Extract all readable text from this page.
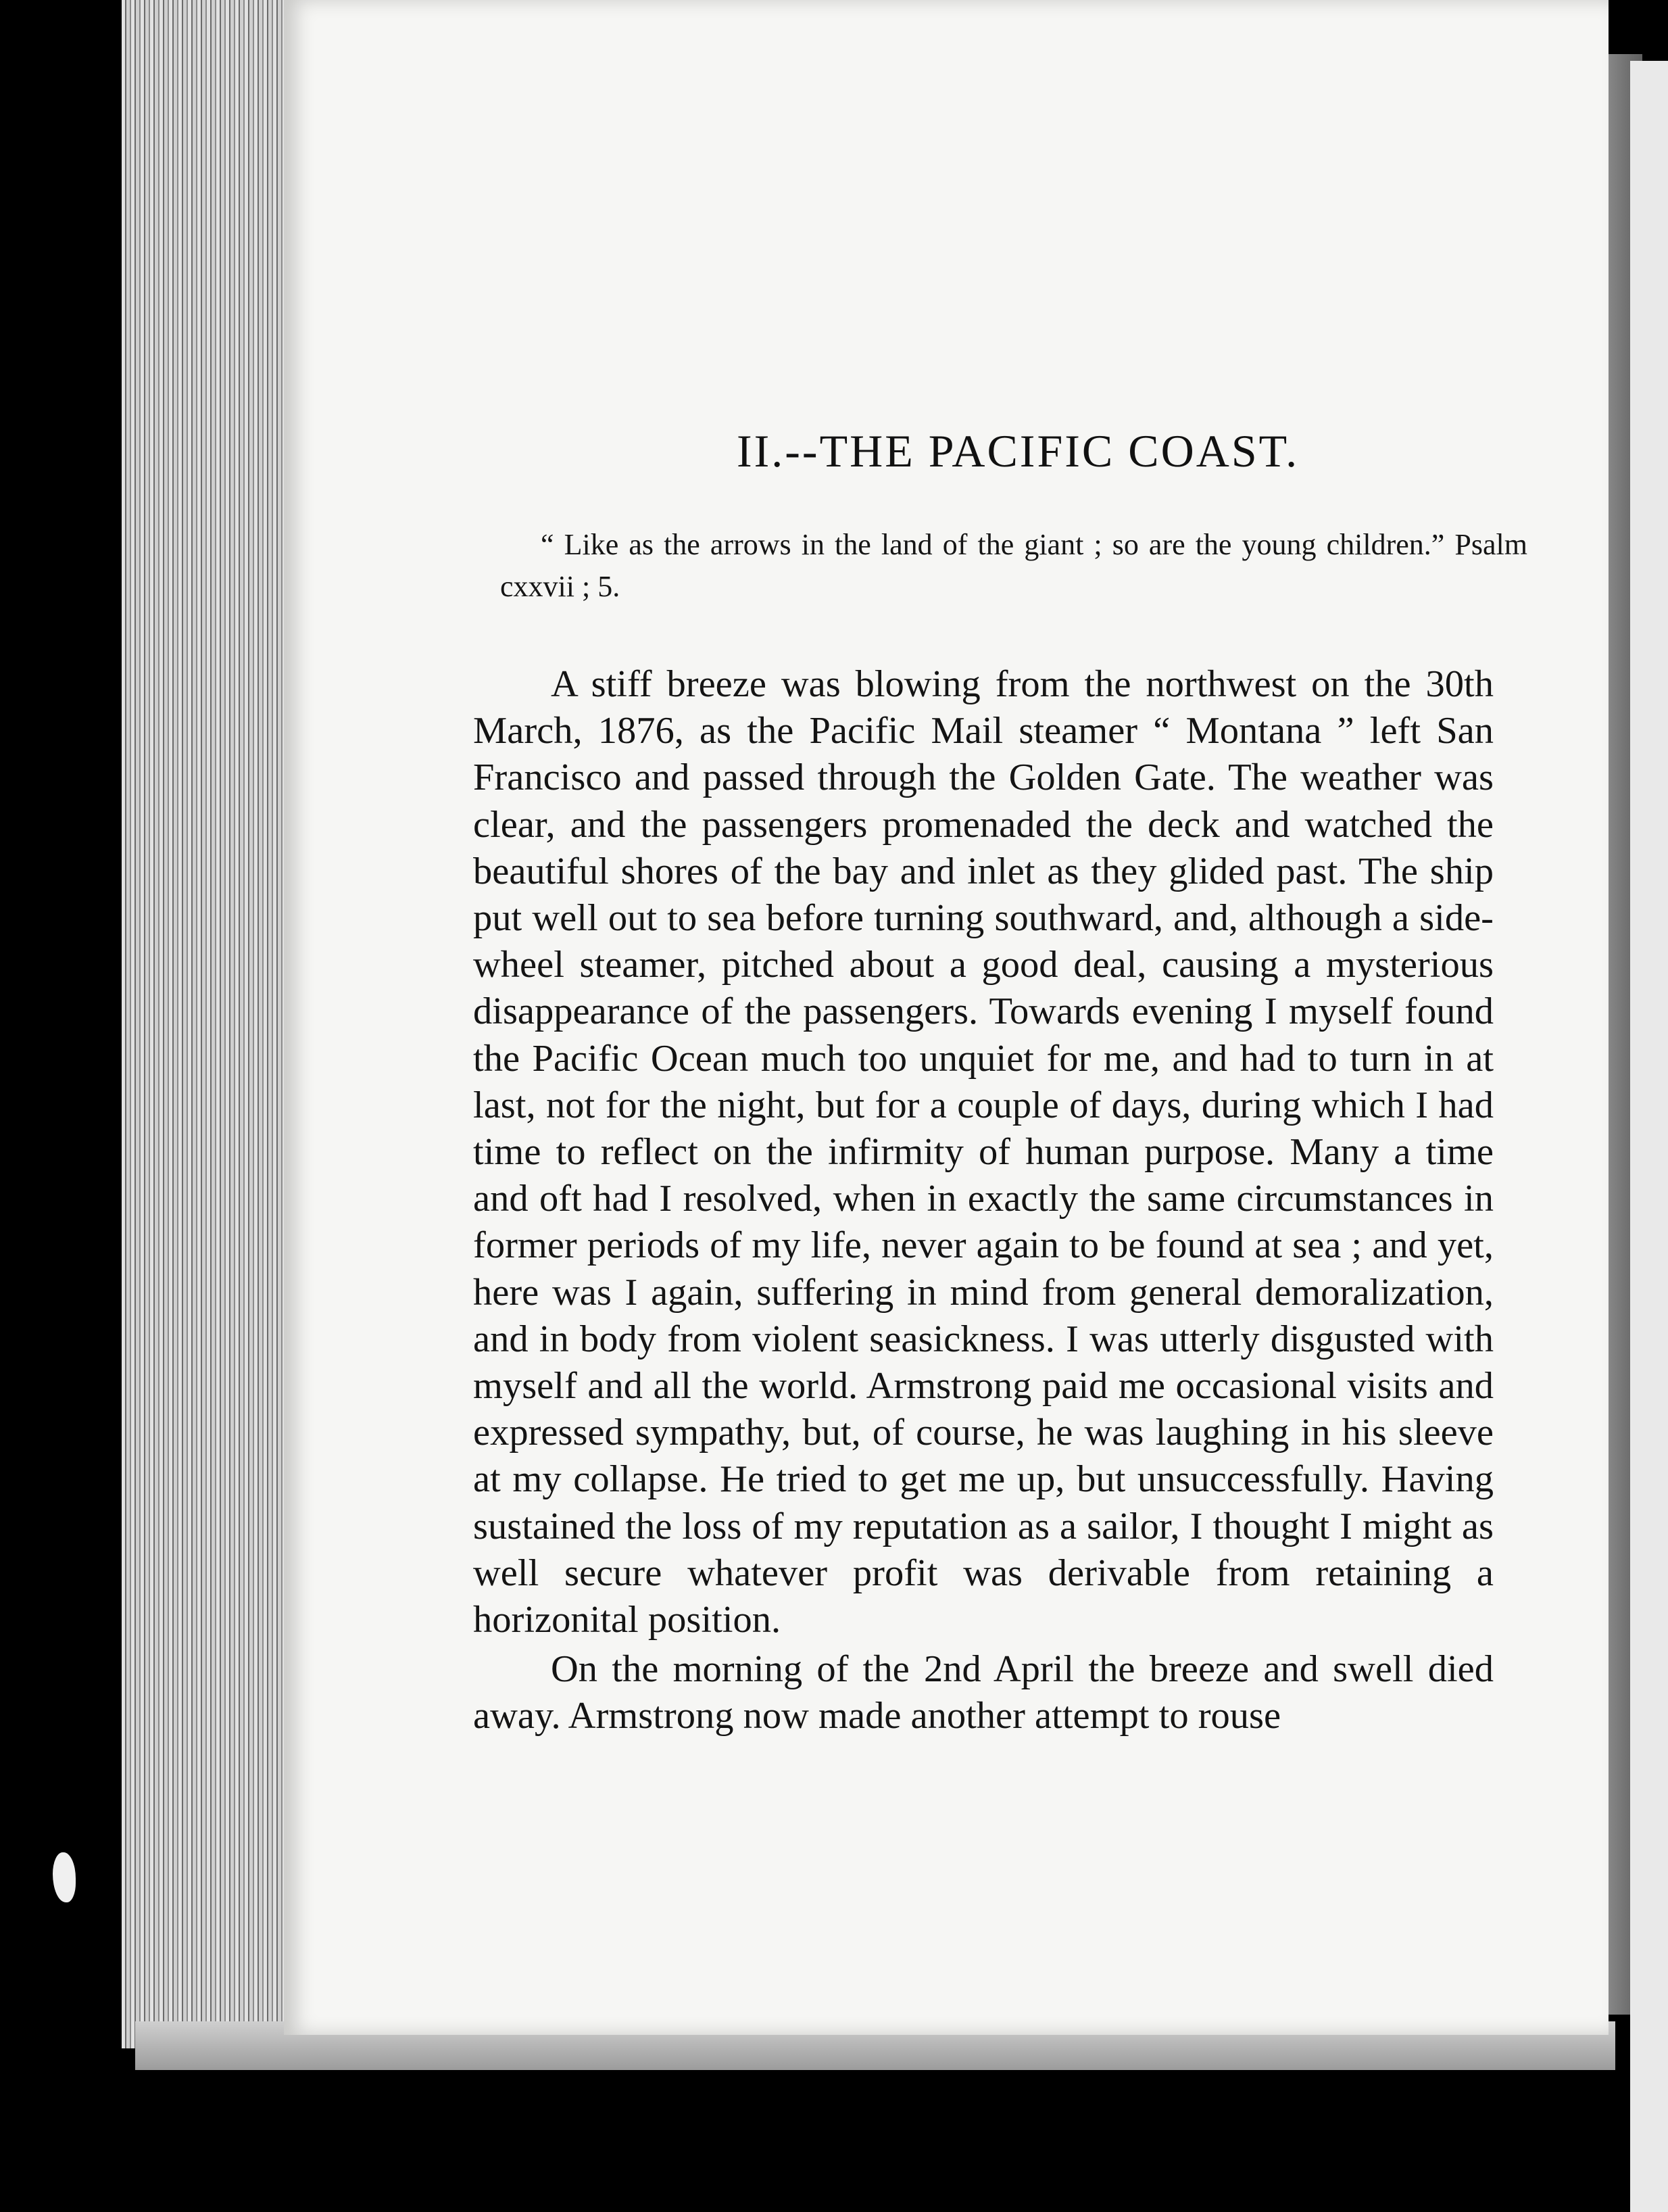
II.--THE PACIFIC COAST.
“ Like as the arrows in the land of the giant ; so are the young children.” Psalm cxxvii ; 5.

A stiff breeze was blowing from the northwest on the 30th March, 1876, as the Pacific Mail steamer “ Montana ” left San Francisco and passed through the Golden Gate. The weather was clear, and the passengers promenaded the deck and watched the beautiful shores of the bay and inlet as they glided past. The ship put well out to sea before turning southward, and, although a side-wheel steamer, pitched about a good deal, causing a mysterious disappearance of the passengers. Towards evening I myself found the Pacific Ocean much too unquiet for me, and had to turn in at last, not for the night, but for a couple of days, during which I had time to reflect on the infirmity of human purpose. Many a time and oft had I resolved, when in exactly the same circumstances in former periods of my life, never again to be found at sea ; and yet, here was I again, suffering in mind from general demoralization, and in body from violent seasickness. I was utterly disgusted with myself and all the world. Armstrong paid me occasional visits and expressed sympathy, but, of course, he was laughing in his sleeve at my collapse. He tried to get me up, but unsuccessfully. Having sustained the loss of my reputation as a sailor, I thought I might as well secure whatever profit was derivable from retaining a horizonital position.

On the morning of the 2nd April the breeze and swell died away. Armstrong now made another attempt to rouse
